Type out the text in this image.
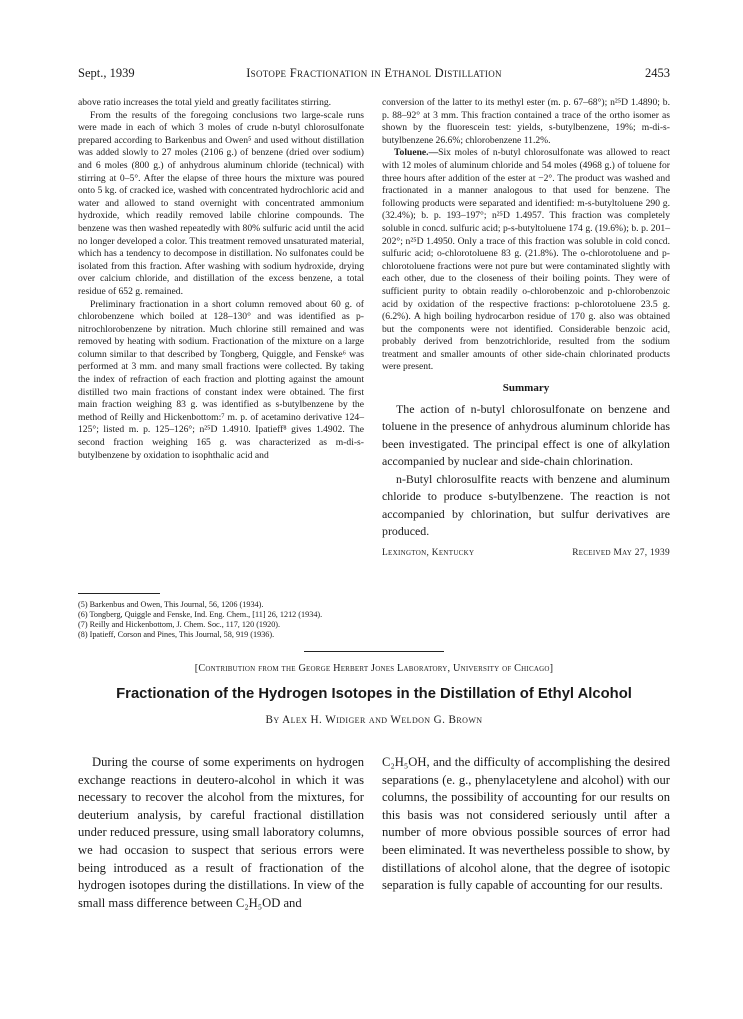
Sept., 1939	Isotope Fractionation in Ethanol Distillation	2453

above ratio increases the total yield and greatly facilitates stirring.

From the results of the foregoing conclusions two large-scale runs were made in each of which 3 moles of crude n-butyl chlorosulfonate prepared according to Barkenbus and Owen⁵ and used without distillation was added slowly to 27 moles (2106 g.) of benzene (dried over sodium) and 6 moles (800 g.) of anhydrous aluminum chloride (technical) with stirring at 0–5°. After the elapse of three hours the mixture was poured onto 5 kg. of cracked ice, washed with concentrated hydrochloric acid and water and allowed to stand overnight with concentrated ammonium hydroxide, which readily removed labile chlorine compounds. The benzene was then washed repeatedly with 80% sulfuric acid until the acid no longer developed a color. This treatment removed unsaturated material, which has a tendency to decompose in distillation. No sulfonates could be isolated from this fraction. After washing with sodium hydroxide, drying over calcium chloride, and distillation of the excess benzene, a total residue of 652 g. remained.

Preliminary fractionation in a short column removed about 60 g. of chlorobenzene which boiled at 128–130° and was identified as p-nitrochlorobenzene by nitration. Much chlorine still remained and was removed by heating with sodium. Fractionation of the mixture on a large column similar to that described by Tongberg, Quiggle, and Fenske⁶ was performed at 3 mm. and many small fractions were collected. By taking the index of refraction of each fraction and plotting against the amount distilled two main fractions of constant index were obtained. The first main fraction weighing 83 g. was identified as s-butylbenzene by the method of Reilly and Hickenbottom:⁷ m. p. of acetamino derivative 124–125°; listed m. p. 125–126°; n²⁵D 1.4910. Ipatieff⁸ gives 1.4902. The second fraction weighing 165 g. was characterized as m-di-s-butylbenzene by oxidation to isophthalic acid and

(5) Barkenbus and Owen, This Journal, 56, 1206 (1934).

(6) Tongberg, Quiggle and Fenske, Ind. Eng. Chem., [11] 26, 1212 (1934).

(7) Reilly and Hickenbottom, J. Chem. Soc., 117, 120 (1920).

(8) Ipatieff, Corson and Pines, This Journal, 58, 919 (1936).

conversion of the latter to its methyl ester (m. p. 67–68°); n²⁵D 1.4890; b. p. 88–92° at 3 mm. This fraction contained a trace of the ortho isomer as shown by the fluorescein test: yields, s-butylbenzene, 19%; m-di-s-butylbenzene 26.6%; chlorobenzene 11.2%.

Toluene.—Six moles of n-butyl chlorosulfonate was allowed to react with 12 moles of aluminum chloride and 54 moles (4968 g.) of toluene for three hours after addition of the ester at −2°. The product was washed and fractionated in a manner analogous to that used for benzene. The following products were separated and identified: m-s-butyltoluene 290 g. (32.4%); b. p. 193–197°; n²⁵D 1.4957. This fraction was completely soluble in concd. sulfuric acid; p-s-butyltoluene 174 g. (19.6%); b. p. 201–202°; n²⁵D 1.4950. Only a trace of this fraction was soluble in cold concd. sulfuric acid; o-chlorotoluene 83 g. (21.8%). The o-chlorotoluene and p-chlorotoluene fractions were not pure but were contaminated slightly with each other, due to the closeness of their boiling points. They were of sufficient purity to obtain readily o-chlorobenzoic and p-chlorobenzoic acid by oxidation of the respective fractions: p-chlorotoluene 23.5 g. (6.2%). A high boiling hydrocarbon residue of 170 g. also was obtained but the components were not identified. Considerable benzoic acid, probably derived from benzotrichloride, resulted from the sodium treatment and smaller amounts of other side-chain chlorinated products were present.

Summary

The action of n-butyl chlorosulfonate on benzene and toluene in the presence of anhydrous aluminum chloride has been investigated. The principal effect is one of alkylation accompanied by nuclear and side-chain chlorination.

n-Butyl chlorosulfite reacts with benzene and aluminum chloride to produce s-butylbenzene. The reaction is not accompanied by chlorination, but sulfur derivatives are produced.

Lexington, Kentucky	Received May 27, 1939
[Contribution from the George Herbert Jones Laboratory, University of Chicago]
Fractionation of the Hydrogen Isotopes in the Distillation of Ethyl Alcohol
By Alex H. Widiger and Weldon G. Brown

During the course of some experiments on hydrogen exchange reactions in deutero-alcohol in which it was necessary to recover the alcohol from the mixtures, for deuterium analysis, by careful fractional distillation under reduced pressure, using small laboratory columns, we had occasion to suspect that serious errors were being introduced as a result of fractionation of the hydrogen isotopes during the distillations. In view of the small mass difference between C₂H₅OD and

C₂H₅OH, and the difficulty of accomplishing the desired separations (e. g., phenylacetylene and alcohol) with our columns, the possibility of accounting for our results on this basis was not considered seriously until after a number of more obvious possible sources of error had been eliminated. It was nevertheless possible to show, by distillations of alcohol alone, that the degree of isotopic separation is fully capable of accounting for our results.
